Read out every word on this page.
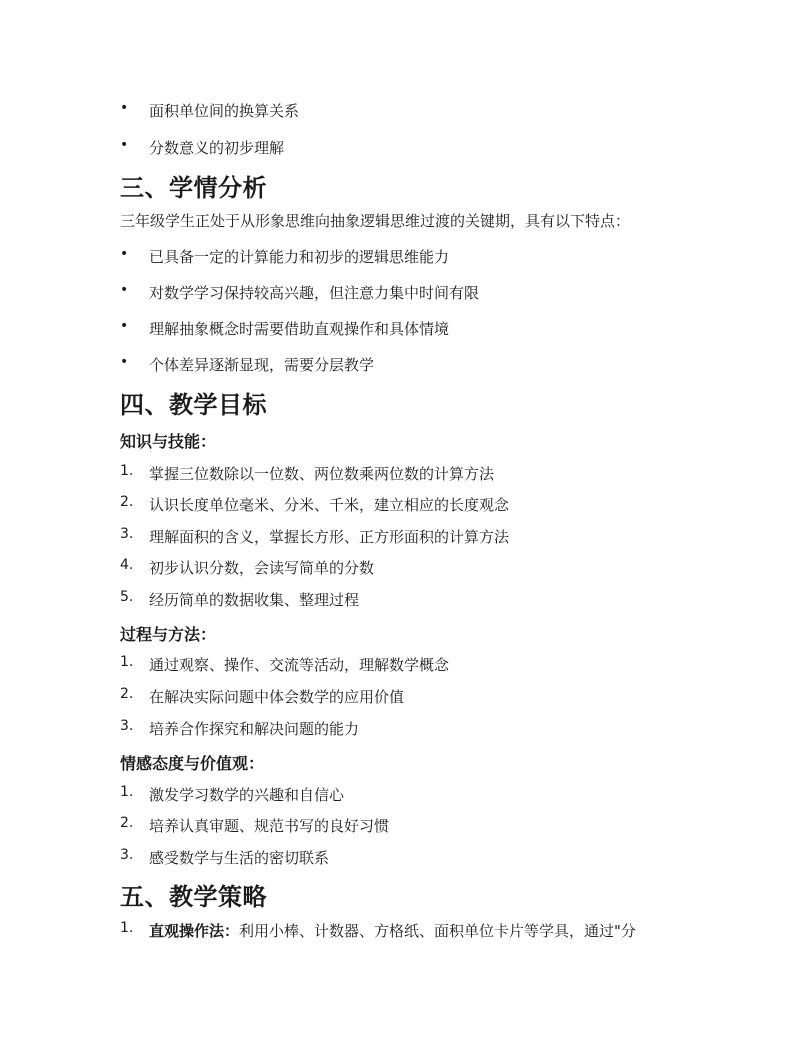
• 面积单位间的换算关系
• 分数意义的初步理解
三、学情分析
三年级学生正处于从形象思维向抽象逻辑思维过渡的关键期，具有以下特点：
• 已具备一定的计算能力和初步的逻辑思维能力
• 对数学学习保持较高兴趣，但注意力集中时间有限
• 理解抽象概念时需要借助直观操作和具体情境
• 个体差异逐渐显现，需要分层教学
四、教学目标
知识与技能：
1. 掌握三位数除以一位数、两位数乘两位数的计算方法
2. 认识长度单位毫米、分米、千米，建立相应的长度观念
3. 理解面积的含义，掌握长方形、正方形面积的计算方法
4. 初步认识分数，会读写简单的分数
5. 经历简单的数据收集、整理过程
过程与方法：
1. 通过观察、操作、交流等活动，理解数学概念
2. 在解决实际问题中体会数学的应用价值
3. 培养合作探究和解决问题的能力
情感态度与价值观：
1. 激发学习数学的兴趣和自信心
2. 培养认真审题、规范书写的良好习惯
3. 感受数学与生活的密切联系
五、教学策略
1. 直观操作法：利用小棒、计数器、方格纸、面积单位卡片等学具，通过"分
